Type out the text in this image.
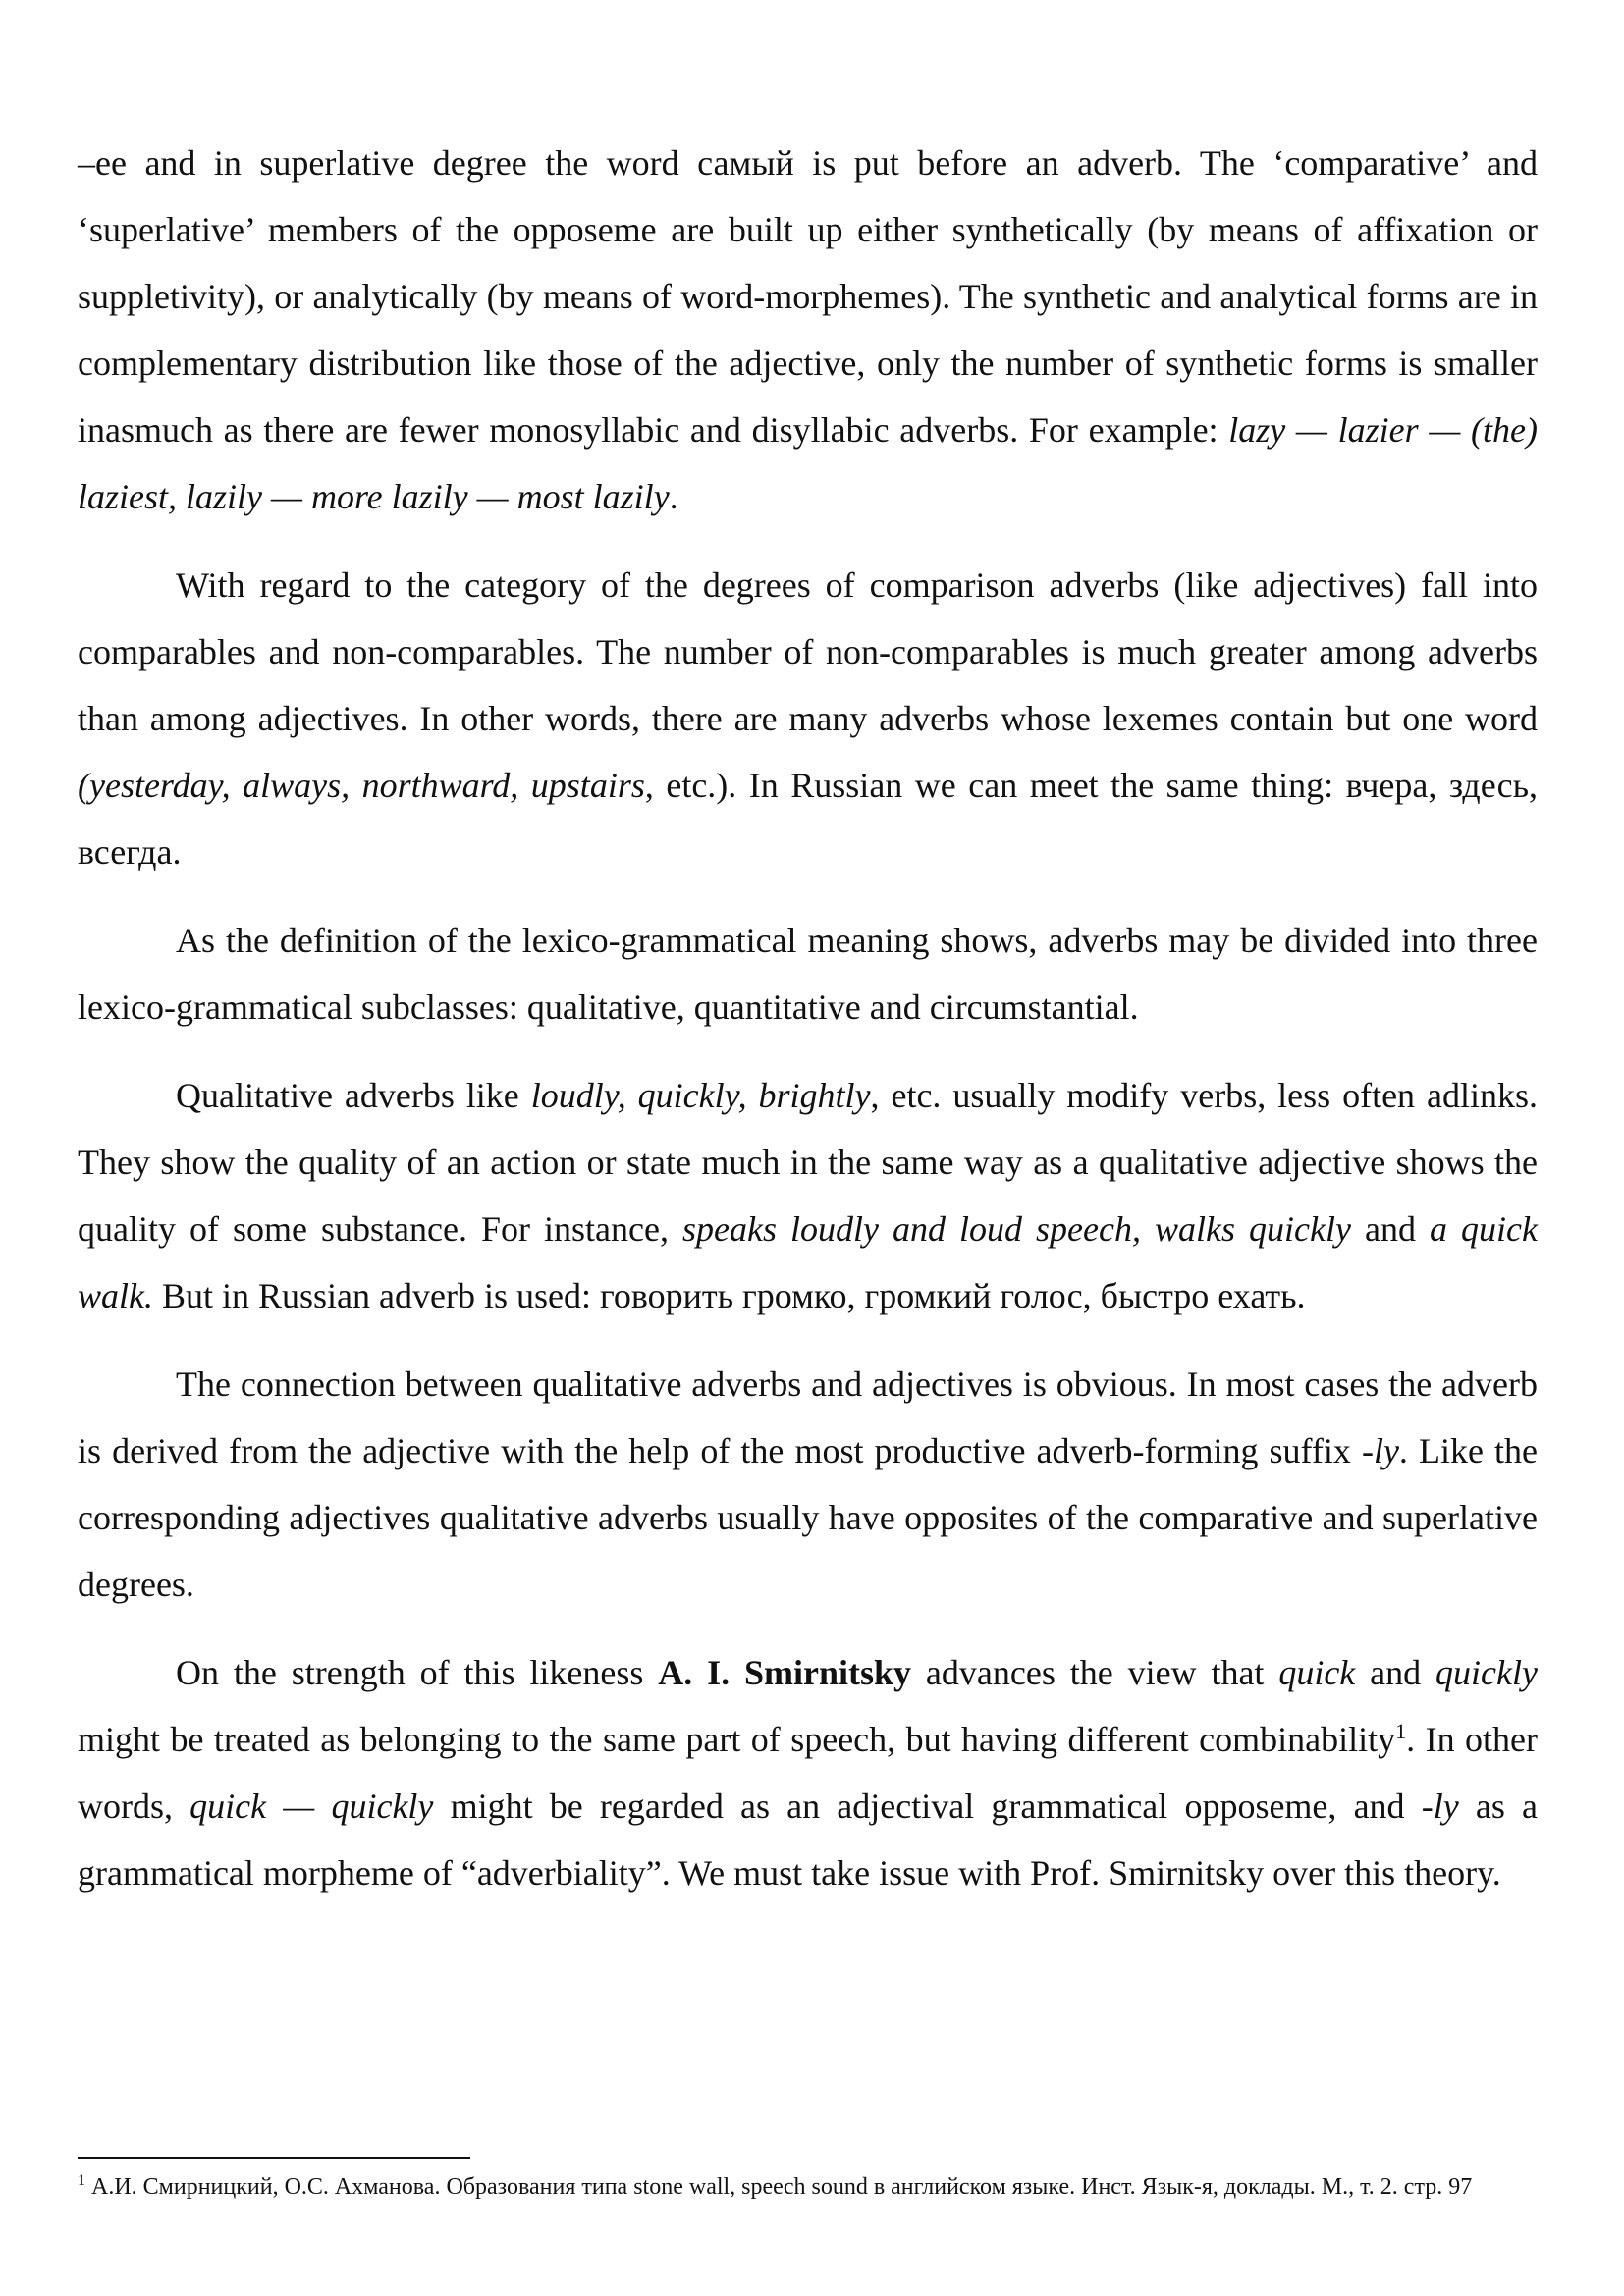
–ee and in superlative degree the word самый is put before an adverb. The ‘comparative’ and ‘superlative’ members of the opposeme are built up either synthetically (by means of affixation or suppletivity), or analytically (by means of word-morphemes). The synthetic and analytical forms are in complementary distribution like those of the adjective, only the number of synthetic forms is smaller inasmuch as there are fewer monosyllabic and disyllabic adverbs. For example: lazy — lazier — (the) laziest, lazily — more lazily — most lazily.

With regard to the category of the degrees of comparison adverbs (like adjectives) fall into comparables and non-comparables. The number of non-comparables is much greater among adverbs than among adjectives. In other words, there are many adverbs whose lexemes contain but one word (yesterday, always, northward, upstairs, etc.). In Russian we can meet the same thing: вчера, здесь, всегда.

As the definition of the lexico-grammatical meaning shows, adverbs may be divided into three lexico-grammatical subclasses: qualitative, quantitative and circumstantial.

Qualitative adverbs like loudly, quickly, brightly, etc. usually modify verbs, less often adlinks. They show the quality of an action or state much in the same way as a qualitative adjective shows the quality of some substance. For instance, speaks loudly and loud speech, walks quickly and a quick walk. But in Russian adverb is used: говорить громко, громкий голос, быстро ехать.

The connection between qualitative adverbs and adjectives is obvious. In most cases the adverb is derived from the adjective with the help of the most productive adverb-forming suffix -ly. Like the corresponding adjectives qualitative adverbs usually have opposites of the comparative and superlative degrees.

On the strength of this likeness A. I. Smirnitsky advances the view that quick and quickly might be treated as belonging to the same part of speech, but having different combinability$^1$. In other words, quick — quickly might be regarded as an adjectival grammatical opposeme, and -ly as a grammatical morpheme of “adverbiality”. We must take issue with Prof. Smirnitsky over this theory.

$^1$ А.И. Смирницкий, О.С. Ахманова. Образования типа stone wall, speech sound в английском языке. Инст. Язык-я, доклады. М., т. 2. стр. 97
